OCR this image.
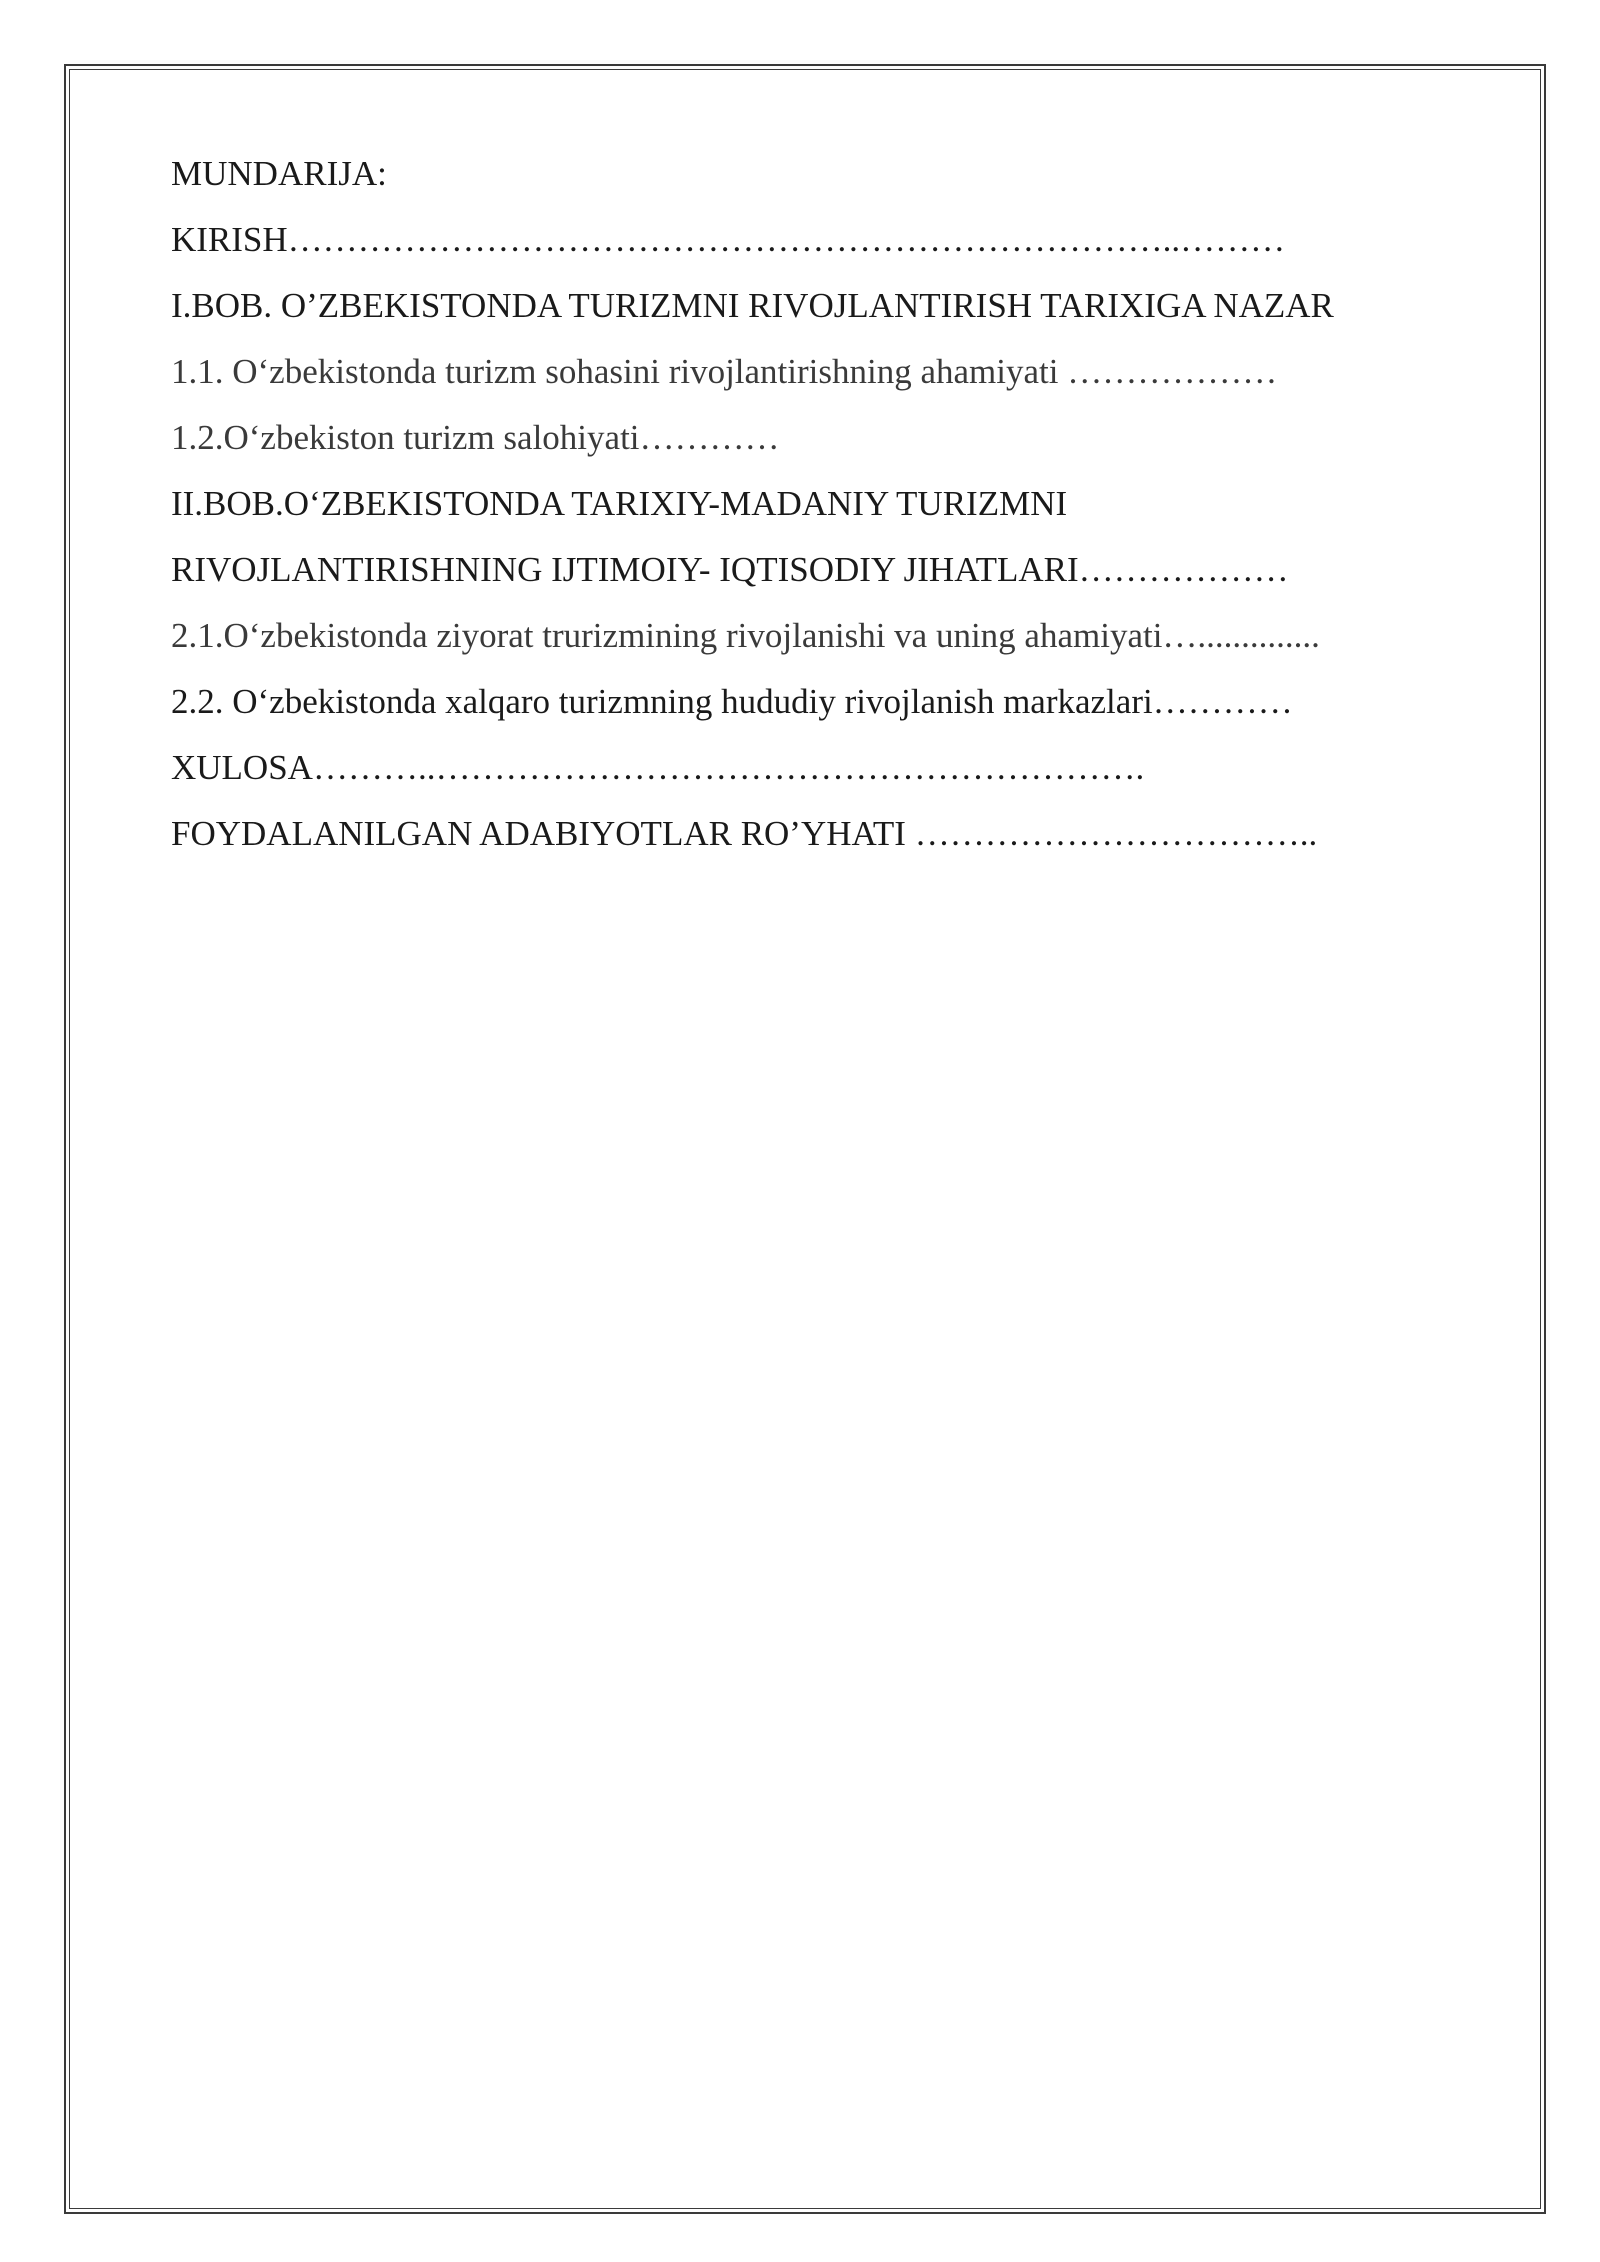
MUNDARIJA:
KIRISH…………………………………………………………………..………
I.BOB. O’ZBEKISTONDA TURIZMNI RIVOJLANTIRISH TARIXIGA NAZAR
1.1. O‘zbekistonda turizm sohasini rivojlantirishning ahamiyati ………………
1.2.O‘zbekiston turizm salohiyati…………
II.BOB.O‘ZBEKISTONDA TARIXIY-MADANIY TURIZMNI
RIVOJLANTIRISHNING IJTIMOIY- IQTISODIY JIHATLARI………………
2.1.O‘zbekistonda ziyorat trurizmining rivojlanishi va uning ahamiyati…..............
2.2. O‘zbekistonda xalqaro turizmning hududiy rivojlanish markazlari…………
XULOSA………..…………………………………………………….
FOYDALANILGAN ADABIYOTLAR RO’YHATI ……………………………..
